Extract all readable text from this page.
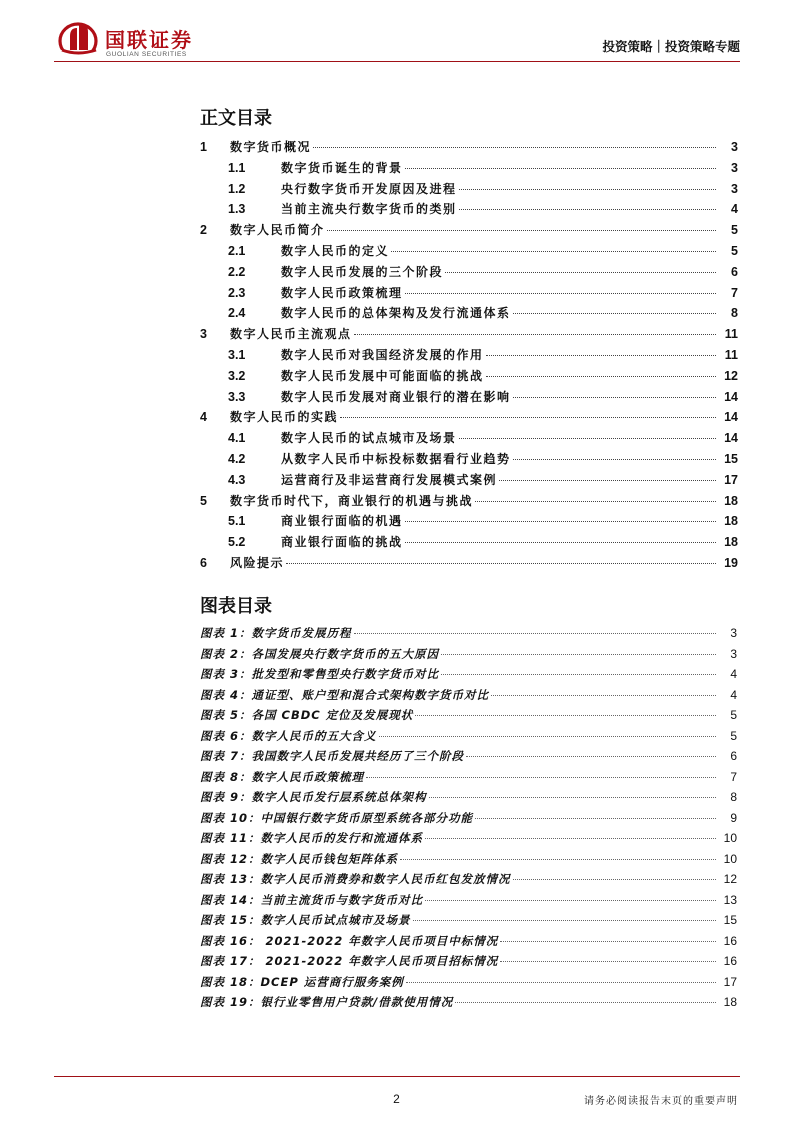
国联证券
GUOLIAN SECURITIES
投资策略｜投资策略专题
正文目录
1	数字货币概况	3
1.1	数字货币诞生的背景	3
1.2	央行数字货币开发原因及进程	3
1.3	当前主流央行数字货币的类别	4
2	数字人民币简介	5
2.1	数字人民币的定义	5
2.2	数字人民币发展的三个阶段	6
2.3	数字人民币政策梳理	7
2.4	数字人民币的总体架构及发行流通体系	8
3	数字人民币主流观点	11
3.1	数字人民币对我国经济发展的作用	11
3.2	数字人民币发展中可能面临的挑战	12
3.3	数字人民币发展对商业银行的潜在影响	14
4	数字人民币的实践	14
4.1	数字人民币的试点城市及场景	14
4.2	从数字人民币中标投标数据看行业趋势	15
4.3	运营商行及非运营商行发展模式案例	17
5	数字货币时代下，商业银行的机遇与挑战	18
5.1	商业银行面临的机遇	18
5.2	商业银行面临的挑战	18
6	风险提示	19
图表目录
图表 1：数字货币发展历程	3
图表 2：各国发展央行数字货币的五大原因	3
图表 3：批发型和零售型央行数字货币对比	4
图表 4：通证型、账户型和混合式架构数字货币对比	4
图表 5：各国 CBDC 定位及发展现状	5
图表 6：数字人民币的五大含义	5
图表 7：我国数字人民币发展共经历了三个阶段	6
图表 8：数字人民币政策梳理	7
图表 9：数字人民币发行层系统总体架构	8
图表 10：中国银行数字货币原型系统各部分功能	9
图表 11：数字人民币的发行和流通体系	10
图表 12：数字人民币钱包矩阵体系	10
图表 13：数字人民币消费券和数字人民币红包发放情况	12
图表 14：当前主流货币与数字货币对比	13
图表 15：数字人民币试点城市及场景	15
图表 16： 2021-2022 年数字人民币项目中标情况	16
图表 17： 2021-2022 年数字人民币项目招标情况	16
图表 18：DCEP 运营商行服务案例	17
图表 19：银行业零售用户贷款/借款使用情况	18
2	请务必阅读报告末页的重要声明
